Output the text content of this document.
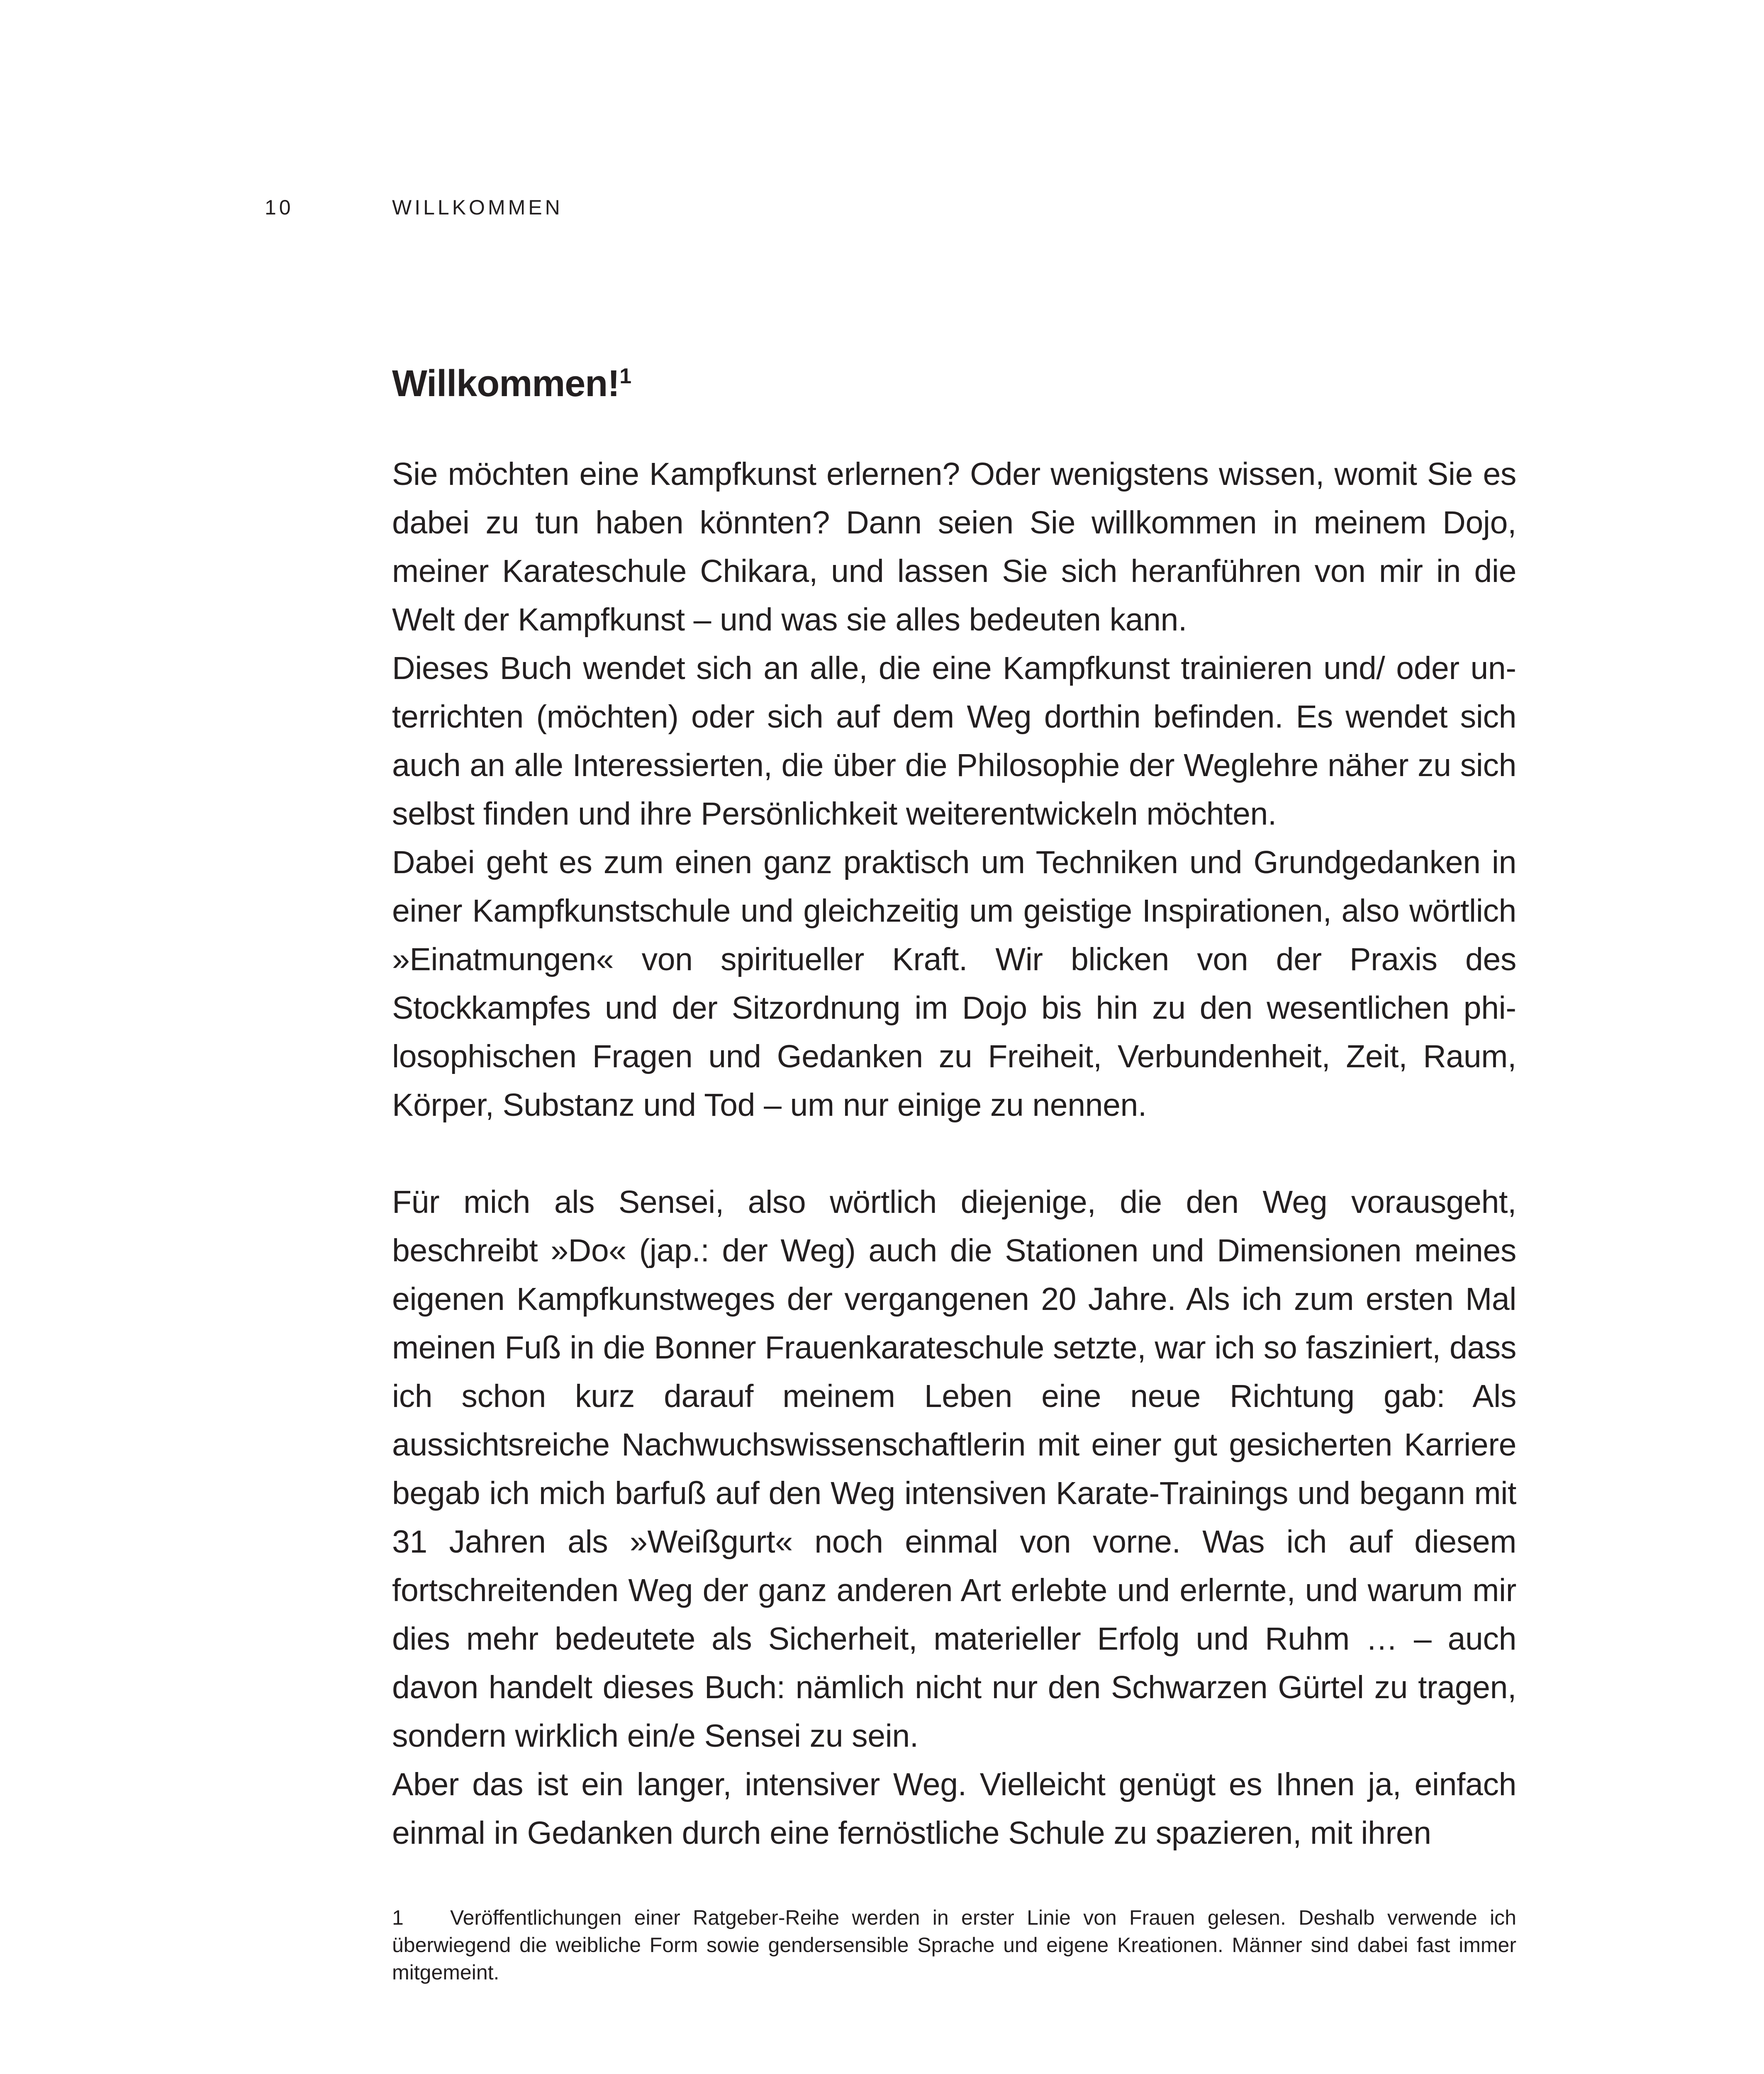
10	WILLKOMMEN
Willkommen!$^1$

Sie möchten eine Kampfkunst erlernen? Oder wenigstens wissen, womit Sie es dabei zu tun haben könnten? Dann seien Sie willkommen in meinem Dojo, meiner Karateschule Chikara, und lassen Sie sich heranführen von mir in die Welt der Kampfkunst – und was sie alles bedeuten kann.

Dieses Buch wendet sich an alle, die eine Kampfkunst trainieren und/ oder unterrichten (möchten) oder sich auf dem Weg dorthin befinden. Es wendet sich auch an alle Interessierten, die über die Philosophie der Weglehre näher zu sich selbst finden und ihre Persönlichkeit weiterentwickeln möchten.

Dabei geht es zum einen ganz praktisch um Techniken und Grundgedanken in einer Kampfkunstschule und gleichzeitig um geistige Inspirationen, also wörtlich »Einatmungen« von spiritueller Kraft. Wir blicken von der Praxis des Stockkampfes und der Sitzordnung im Dojo bis hin zu den wesentlichen philosophischen Fragen und Gedanken zu Freiheit, Verbundenheit, Zeit, Raum, Körper, Substanz und Tod – um nur einige zu nennen.

Für mich als Sensei, also wörtlich diejenige, die den Weg vorausgeht, beschreibt »Do« (jap.: der Weg) auch die Stationen und Dimensionen meines eigenen Kampfkunstweges der vergangenen 20 Jahre. Als ich zum ersten Mal meinen Fuß in die Bonner Frauenkarateschule setzte, war ich so fasziniert, dass ich schon kurz darauf meinem Leben eine neue Richtung gab: Als aussichtsreiche Nachwuchswissenschaftlerin mit einer gut gesicherten Karriere begab ich mich barfuß auf den Weg intensiven Karate-Trainings und begann mit 31 Jahren als »Weißgurt« noch einmal von vorne. Was ich auf diesem fortschreitenden Weg der ganz anderen Art erlebte und erlernte, und warum mir dies mehr bedeutete als Sicherheit, materieller Erfolg und Ruhm … – auch davon handelt dieses Buch: nämlich nicht nur den Schwarzen Gürtel zu tragen, sondern wirklich ein/e Sensei zu sein.

Aber das ist ein langer, intensiver Weg. Vielleicht genügt es Ihnen ja, einfach einmal in Gedanken durch eine fernöstliche Schule zu spazieren, mit ihren

1 Veröffentlichungen einer Ratgeber-Reihe werden in erster Linie von Frauen gelesen. Deshalb verwende ich überwiegend die weibliche Form sowie gendersensible Sprache und eigene Kreationen. Männer sind dabei fast immer mitgemeint.
